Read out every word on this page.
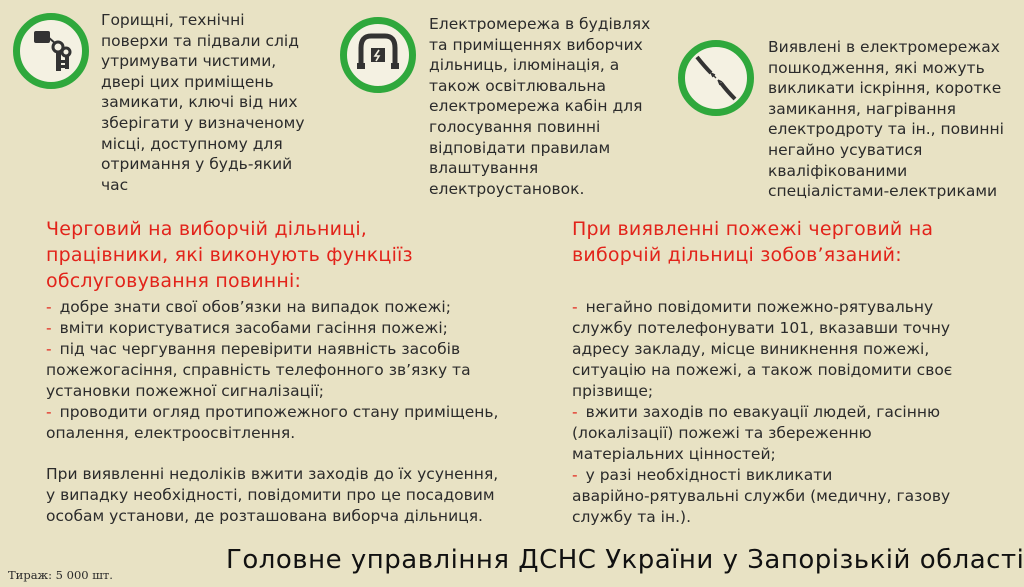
Горищні, технічні
поверхи та підвали слід
утримувати чистими,
двері цих приміщень
замикати, ключі від них
зберігати у визначеному
місці, доступному для
отримання у будь-який
час
Електромережа в будівлях
та приміщеннях виборчих
дільниць, ілюмінація, а
також освітлювальна
електромережа кабін для
голосування повинні
відповідати правилам
влаштування
електроустановок.
Виявлені в електромережах
пошкодження, які можуть
викликати іскріння, коротке
замикання, нагрівання
електродроту та ін., повинні
негайно усуватися
кваліфікованими
спеціалістами-електриками
Черговий на виборчій дільниці,
працівники, які виконують функціїз
обслуговування повинні:
- добре знати свої обов’язки на випадок пожежі;
- вміти користуватися засобами гасіння пожежі;
- під час чергування перевірити наявність засобів
пожежогасіння, справність телефонного зв’язку та
установки пожежної сигналізації;
- проводити огляд протипожежного стану приміщень,
опалення, електроосвітлення.
При виявленні недоліків вжити заходів до їх усунення,
у випадку необхідності, повідомити про це посадовим
особам установи, де розташована виборча дільниця.
При виявленні пожежі черговий на
виборчій дільниці зобов’язаний:
- негайно повідомити пожежно-рятувальну
службу потелефонувати 101, вказавши точну
адресу закладу, місце виникнення пожежі,
ситуацію на пожежі, а також повідомити своє
прізвище;
- вжити заходів по евакуації людей, гасінню
(локалізації) пожежі та збереженню
матеріальних цінностей;
- у разі необхідності викликати
аварійно-рятувальні служби (медичну, газову
службу та ін.).
Тираж: 5 000 шт.	Головне управління ДСНС України у Запорізькій області
